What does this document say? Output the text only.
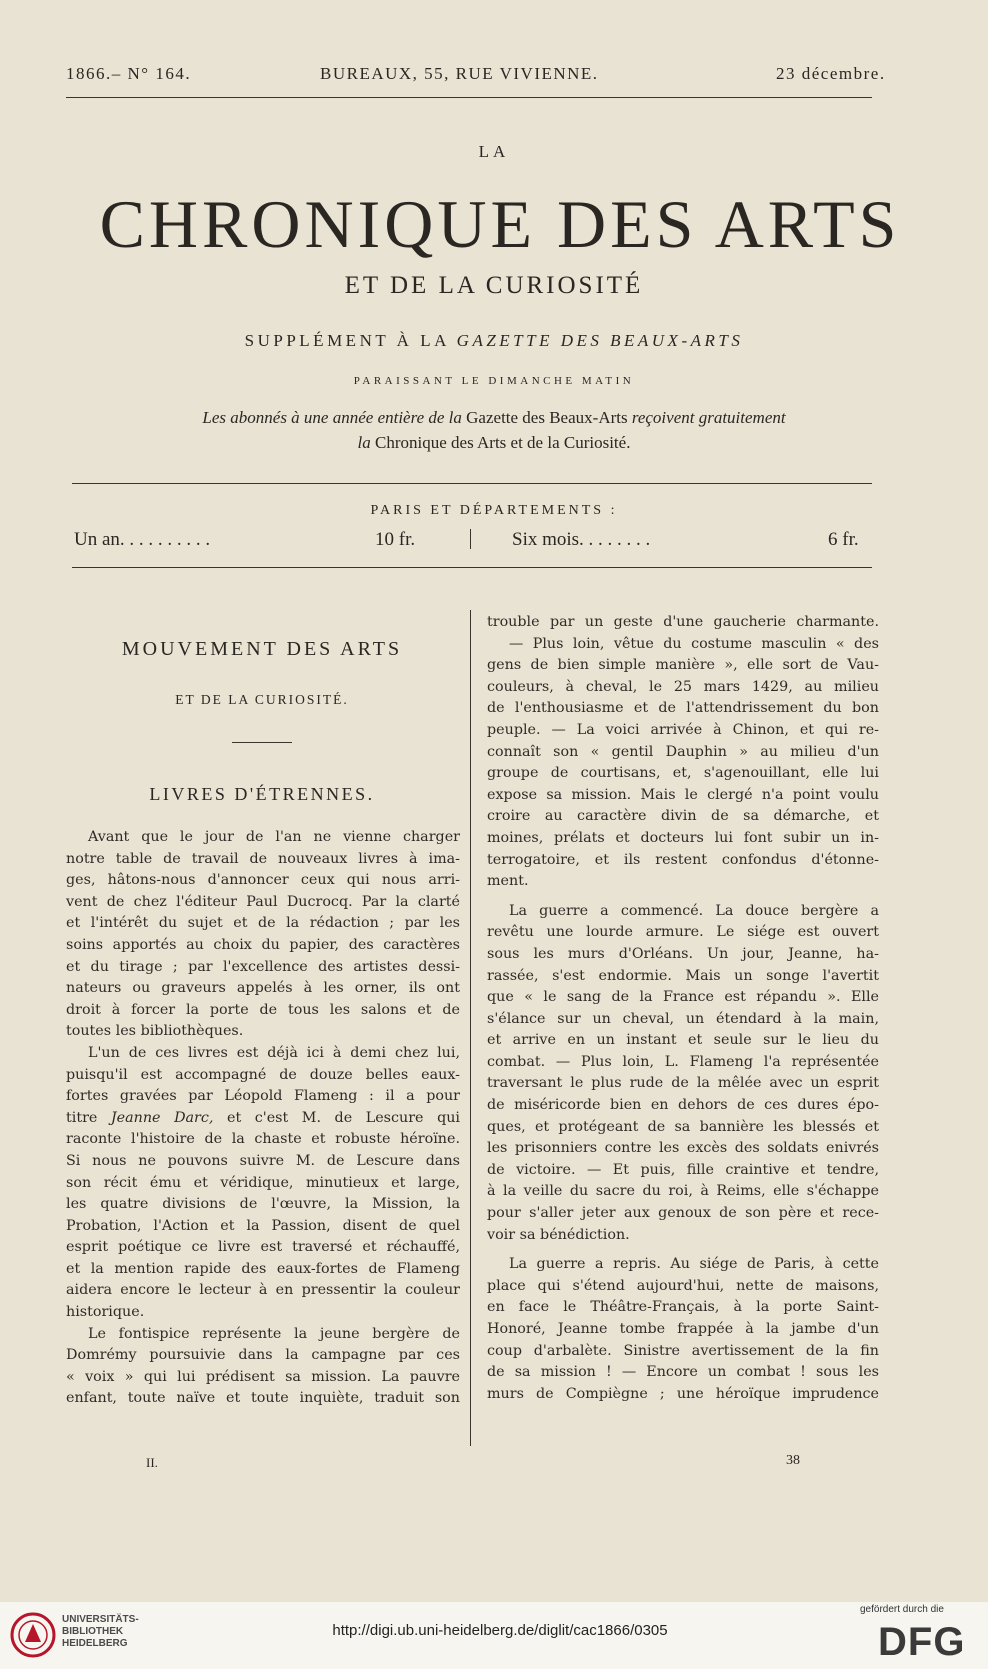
1866.– N° 164.	BUREAUX, 55, RUE VIVIENNE.	23 décembre.
LA
CHRONIQUE DES ARTS
ET DE LA CURIOSITÉ
SUPPLÉMENT À LA GAZETTE DES BEAUX-ARTS
PARAISSANT LE DIMANCHE MATIN
Les abonnés à une année entière de la Gazette des Beaux-Arts reçoivent gratuitement
la Chronique des Arts et de la Curiosité.
PARIS ET DÉPARTEMENTS :
Un an. . . . . . . . . .	10 fr.	Six mois. . . . . . . .	6 fr.
MOUVEMENT DES ARTS
ET DE LA CURIOSITÉ.
LIVRES D'ÉTRENNES.
Avant que le jour de l'an ne vienne charger
notre table de travail de nouveaux livres à ima-
ges, hâtons-nous d'annoncer ceux qui nous arri-
vent de chez l'éditeur Paul Ducrocq. Par la clarté
et l'intérêt du sujet et de la rédaction ; par les
soins apportés au choix du papier, des caractères
et du tirage ; par l'excellence des artistes dessi-
nateurs ou graveurs appelés à les orner, ils ont
droit à forcer la porte de tous les salons et de
toutes les bibliothèques.
L'un de ces livres est déjà ici à demi chez lui,
puisqu'il est accompagné de douze belles eaux-
fortes gravées par Léopold Flameng : il a pour
titre Jeanne Darc, et c'est M. de Lescure qui
raconte l'histoire de la chaste et robuste héroïne.
Si nous ne pouvons suivre M. de Lescure dans
son récit ému et véridique, minutieux et large,
les quatre divisions de l'œuvre, la Mission, la
Probation, l'Action et la Passion, disent de quel
esprit poétique ce livre est traversé et réchauffé,
et la mention rapide des eaux-fortes de Flameng
aidera encore le lecteur à en pressentir la couleur
historique.
Le fontispice représente la jeune bergère de
Domrémy poursuivie dans la campagne par ces
« voix » qui lui prédisent sa mission. La pauvre
enfant, toute naïve et toute inquiète, traduit son
trouble par un geste d'une gaucherie charmante.
— Plus loin, vêtue du costume masculin « des
gens de bien simple manière », elle sort de Vau-
couleurs, à cheval, le 25 mars 1429, au milieu
de l'enthousiasme et de l'attendrissement du bon
peuple. — La voici arrivée à Chinon, et qui re-
connaît son « gentil Dauphin » au milieu d'un
groupe de courtisans, et, s'agenouillant, elle lui
expose sa mission. Mais le clergé n'a point voulu
croire au caractère divin de sa démarche, et
moines, prélats et docteurs lui font subir un in-
terrogatoire, et ils restent confondus d'étonne-
ment.
La guerre a commencé. La douce bergère a
revêtu une lourde armure. Le siége est ouvert
sous les murs d'Orléans. Un jour, Jeanne, ha-
rassée, s'est endormie. Mais un songe l'avertit
que « le sang de la France est répandu ». Elle
s'élance sur un cheval, un étendard à la main,
et arrive en un instant et seule sur le lieu du
combat. — Plus loin, L. Flameng l'a représentée
traversant le plus rude de la mêlée avec un esprit
de miséricorde bien en dehors de ces dures épo-
ques, et protégeant de sa bannière les blessés et
les prisonniers contre les excès des soldats enivrés
de victoire. — Et puis, fille craintive et tendre,
à la veille du sacre du roi, à Reims, elle s'échappe
pour s'aller jeter aux genoux de son père et rece-
voir sa bénédiction.
La guerre a repris. Au siége de Paris, à cette
place qui s'étend aujourd'hui, nette de maisons,
en face le Théâtre-Français, à la porte Saint-
Honoré, Jeanne tombe frappée à la jambe d'un
coup d'arbalète. Sinistre avertissement de la fin
de sa mission ! — Encore un combat ! sous les
murs de Compiègne ; une héroïque imprudence
II.	38
UNIVERSITÄTS-
BIBLIOTHEK
HEIDELBERG
http://digi.ub.uni-heidelberg.de/diglit/cac1866/0305
gefördert durch die
DFG
